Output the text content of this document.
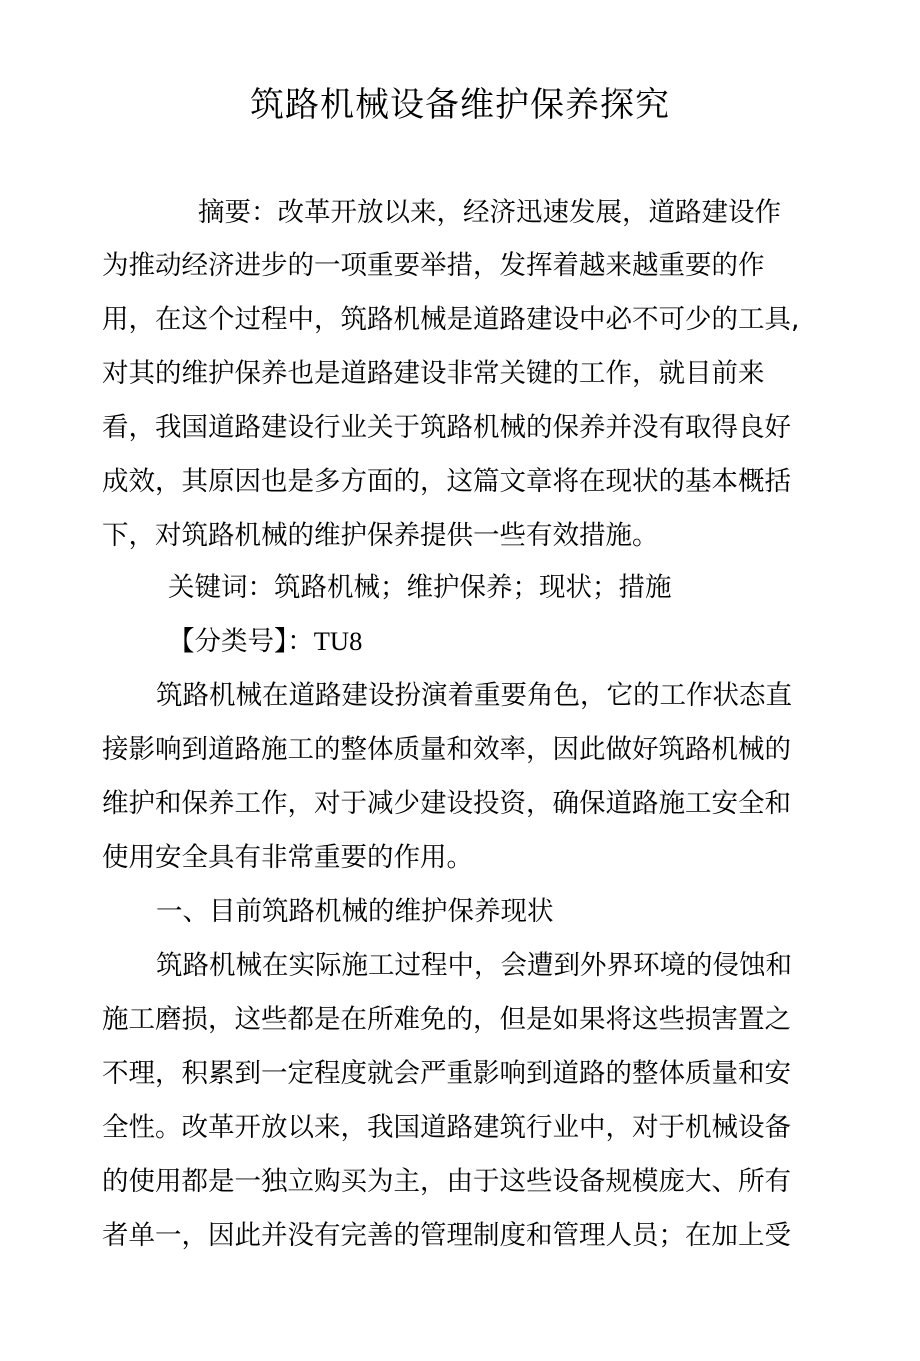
筑路机械设备维护保养探究

摘要：改革开放以来，经济迅速发展，道路建设作

为推动经济进步的一项重要举措，发挥着越来越重要的作

用，在这个过程中，筑路机械是道路建设中必不可少的工具,

对其的维护保养也是道路建设非常关键的工作，就目前来

看，我国道路建设行业关于筑路机械的保养并没有取得良好

成效，其原因也是多方面的，这篇文章将在现状的基本概括

下，对筑路机械的维护保养提供一些有效措施。

关键词：筑路机械；维护保养；现状；措施

【分类号】：TU8

筑路机械在道路建设扮演着重要角色，它的工作状态直

接影响到道路施工的整体质量和效率，因此做好筑路机械的

维护和保养工作，对于减少建设投资，确保道路施工安全和

使用安全具有非常重要的作用。

一、目前筑路机械的维护保养现状

筑路机械在实际施工过程中，会遭到外界环境的侵蚀和

施工磨损，这些都是在所难免的，但是如果将这些损害置之

不理，积累到一定程度就会严重影响到道路的整体质量和安

全性。改革开放以来，我国道路建筑行业中，对于机械设备

的使用都是一独立购买为主，由于这些设备规模庞大、所有

者单一，因此并没有完善的管理制度和管理人员；在加上受
